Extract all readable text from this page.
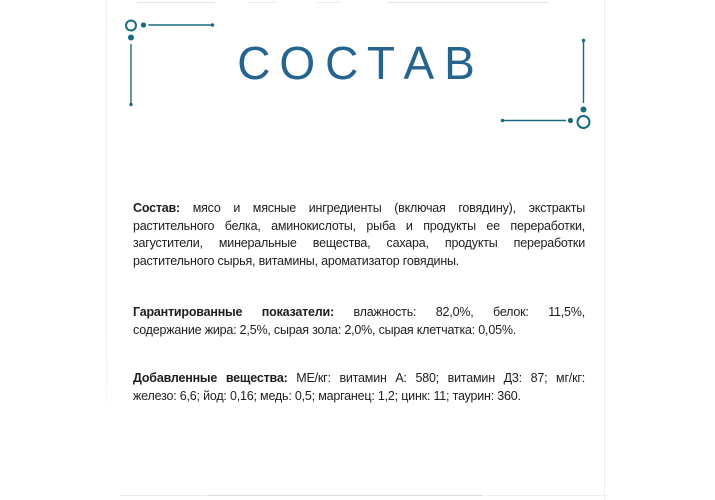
СОСТАВ
Состав: мясо и мясные ингредиенты (включая говядину), экстракты
растительного белка, аминокислоты, рыба и продукты ее переработки,
загустители, минеральные вещества, сахара, продукты переработки
растительного сырья, витамины, ароматизатор говядины.
Гарантированные показатели: влажность: 82,0%, белок: 11,5%,
содержание жира: 2,5%, сырая зола: 2,0%, сырая клетчатка: 0,05%.
Добавленные вещества: МЕ/кг: витамин А: 580; витамин Д3: 87; мг/кг:
железо: 6,6; йод: 0,16; медь: 0,5; марганец: 1,2; цинк: 11; таурин: 360.
